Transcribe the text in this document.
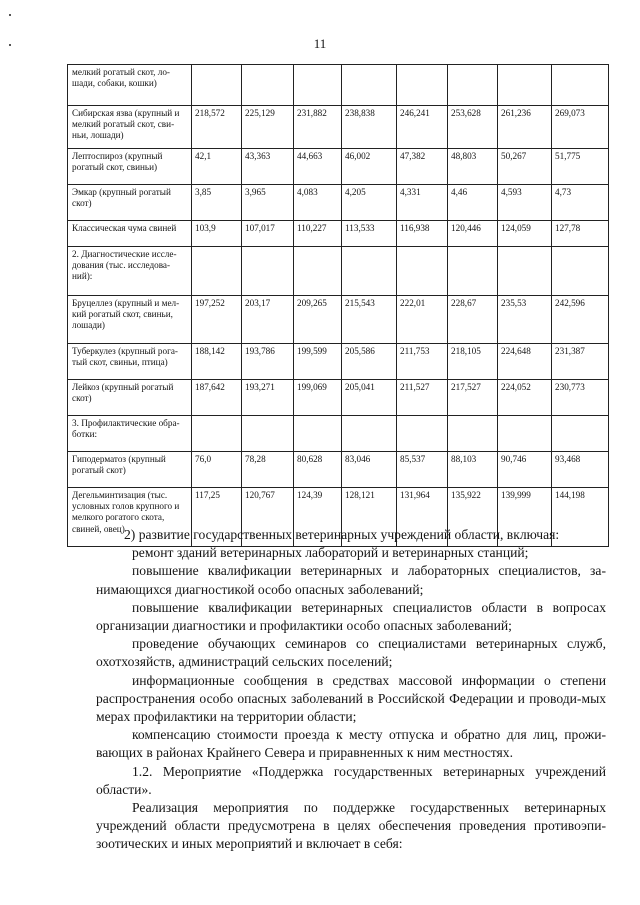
11
мелкий рогатый скот, ло-шади, собаки, кошки)								
Сибирская язва (крупный и мелкий рогатый скот, сви-ньи, лошади)	218,572	225,129	231,882	238,838	246,241	253,628	261,236	269,073
Лептоспироз (крупный рогатый скот, свиньи)	42,1	43,363	44,663	46,002	47,382	48,803	50,267	51,775
Эмкар (крупный рогатый скот)	3,85	3,965	4,083	4,205	4,331	4,46	4,593	4,73
Классическая чума свиней	103,9	107,017	110,227	113,533	116,938	120,446	124,059	127,78
2. Диагностические иссле-дования (тыс. исследова-ний):								
Бруцеллез (крупный и мел-кий рогатый скот, свиньи, лошади)	197,252	203,17	209,265	215,543	222,01	228,67	235,53	242,596
Туберкулез (крупный рога-тый скот, свиньи, птица)	188,142	193,786	199,599	205,586	211,753	218,105	224,648	231,387
Лейкоз (крупный рогатый скот)	187,642	193,271	199,069	205,041	211,527	217,527	224,052	230,773
3. Профилактические обра-ботки:								
Гиподерматоз (крупный рогатый скот)	76,0	78,28	80,628	83,046	85,537	88,103	90,746	93,468
Дегельминтизация (тыс. условных голов крупного и мелкого рогатого скота, свиней, овец)	117,25	120,767	124,39	128,121	131,964	135,922	139,999	144,198

2) развитие государственных ветеринарных учреждений области, включая:

ремонт зданий ветеринарных лабораторий и ветеринарных станций;

повышение квалификации ветеринарных и лабораторных специалистов, за-нимающихся диагностикой особо опасных заболеваний;

повышение квалификации ветеринарных специалистов области в вопросах организации диагностики и профилактики особо опасных заболеваний;

проведение обучающих семинаров со специалистами ветеринарных служб, охотхозяйств, администраций сельских поселений;

информационные сообщения в средствах массовой информации о степени распространения особо опасных заболеваний в Российской Федерации и проводи-мых мерах профилактики на территории области;

компенсацию стоимости проезда к месту отпуска и обратно для лиц, прожи-вающих в районах Крайнего Севера и приравненных к ним местностях.

1.2. Мероприятие «Поддержка государственных ветеринарных учреждений области».

Реализация мероприятия по поддержке государственных ветеринарных учреждений области предусмотрена в целях обеспечения проведения противоэпи-зоотических и иных мероприятий и включает в себя:
